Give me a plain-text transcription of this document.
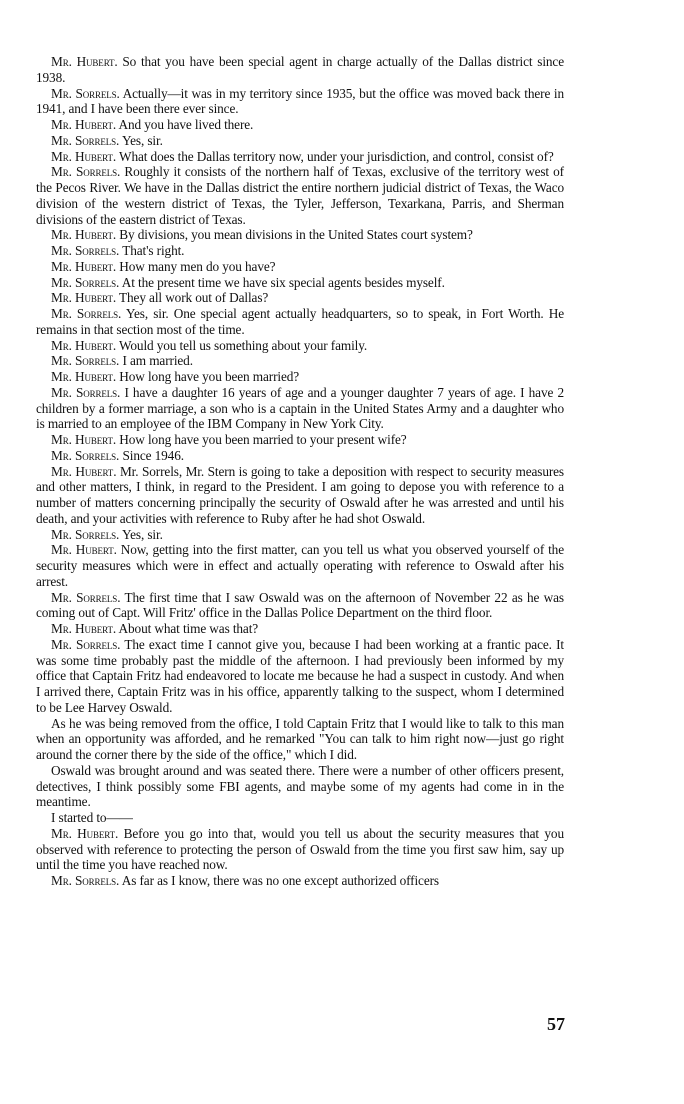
Mr. Hubert. So that you have been special agent in charge actually of the Dallas district since 1938.

Mr. Sorrels. Actually—it was in my territory since 1935, but the office was moved back there in 1941, and I have been there ever since.

Mr. Hubert. And you have lived there.

Mr. Sorrels. Yes, sir.

Mr. Hubert. What does the Dallas territory now, under your jurisdiction, and control, consist of?

Mr. Sorrels. Roughly it consists of the northern half of Texas, exclusive of the territory west of the Pecos River. We have in the Dallas district the entire northern judicial district of Texas, the Waco division of the western district of Texas, the Tyler, Jefferson, Texarkana, Parris, and Sherman divisions of the eastern district of Texas.

Mr. Hubert. By divisions, you mean divisions in the United States court system?

Mr. Sorrels. That's right.

Mr. Hubert. How many men do you have?

Mr. Sorrels. At the present time we have six special agents besides myself.

Mr. Hubert. They all work out of Dallas?

Mr. Sorrels. Yes, sir. One special agent actually headquarters, so to speak, in Fort Worth. He remains in that section most of the time.

Mr. Hubert. Would you tell us something about your family.

Mr. Sorrels. I am married.

Mr. Hubert. How long have you been married?

Mr. Sorrels. I have a daughter 16 years of age and a younger daughter 7 years of age. I have 2 children by a former marriage, a son who is a captain in the United States Army and a daughter who is married to an employee of the IBM Company in New York City.

Mr. Hubert. How long have you been married to your present wife?

Mr. Sorrels. Since 1946.

Mr. Hubert. Mr. Sorrels, Mr. Stern is going to take a deposition with respect to security measures and other matters, I think, in regard to the President. I am going to depose you with reference to a number of matters concerning principally the security of Oswald after he was arrested and until his death, and your activities with reference to Ruby after he had shot Oswald.

Mr. Sorrels. Yes, sir.

Mr. Hubert. Now, getting into the first matter, can you tell us what you observed yourself of the security measures which were in effect and actually operating with reference to Oswald after his arrest.

Mr. Sorrels. The first time that I saw Oswald was on the afternoon of November 22 as he was coming out of Capt. Will Fritz' office in the Dallas Police Department on the third floor.

Mr. Hubert. About what time was that?

Mr. Sorrels. The exact time I cannot give you, because I had been working at a frantic pace. It was some time probably past the middle of the afternoon. I had previously been informed by my office that Captain Fritz had endeavored to locate me because he had a suspect in custody. And when I arrived there, Captain Fritz was in his office, apparently talking to the suspect, whom I determined to be Lee Harvey Oswald.

As he was being removed from the office, I told Captain Fritz that I would like to talk to this man when an opportunity was afforded, and he remarked "You can talk to him right now—just go right around the corner there by the side of the office," which I did.

Oswald was brought around and was seated there. There were a number of other officers present, detectives, I think possibly some FBI agents, and maybe some of my agents had come in in the meantime.

I started to——

Mr. Hubert. Before you go into that, would you tell us about the security measures that you observed with reference to protecting the person of Oswald from the time you first saw him, say up until the time you have reached now.

Mr. Sorrels. As far as I know, there was no one except authorized officers

57
